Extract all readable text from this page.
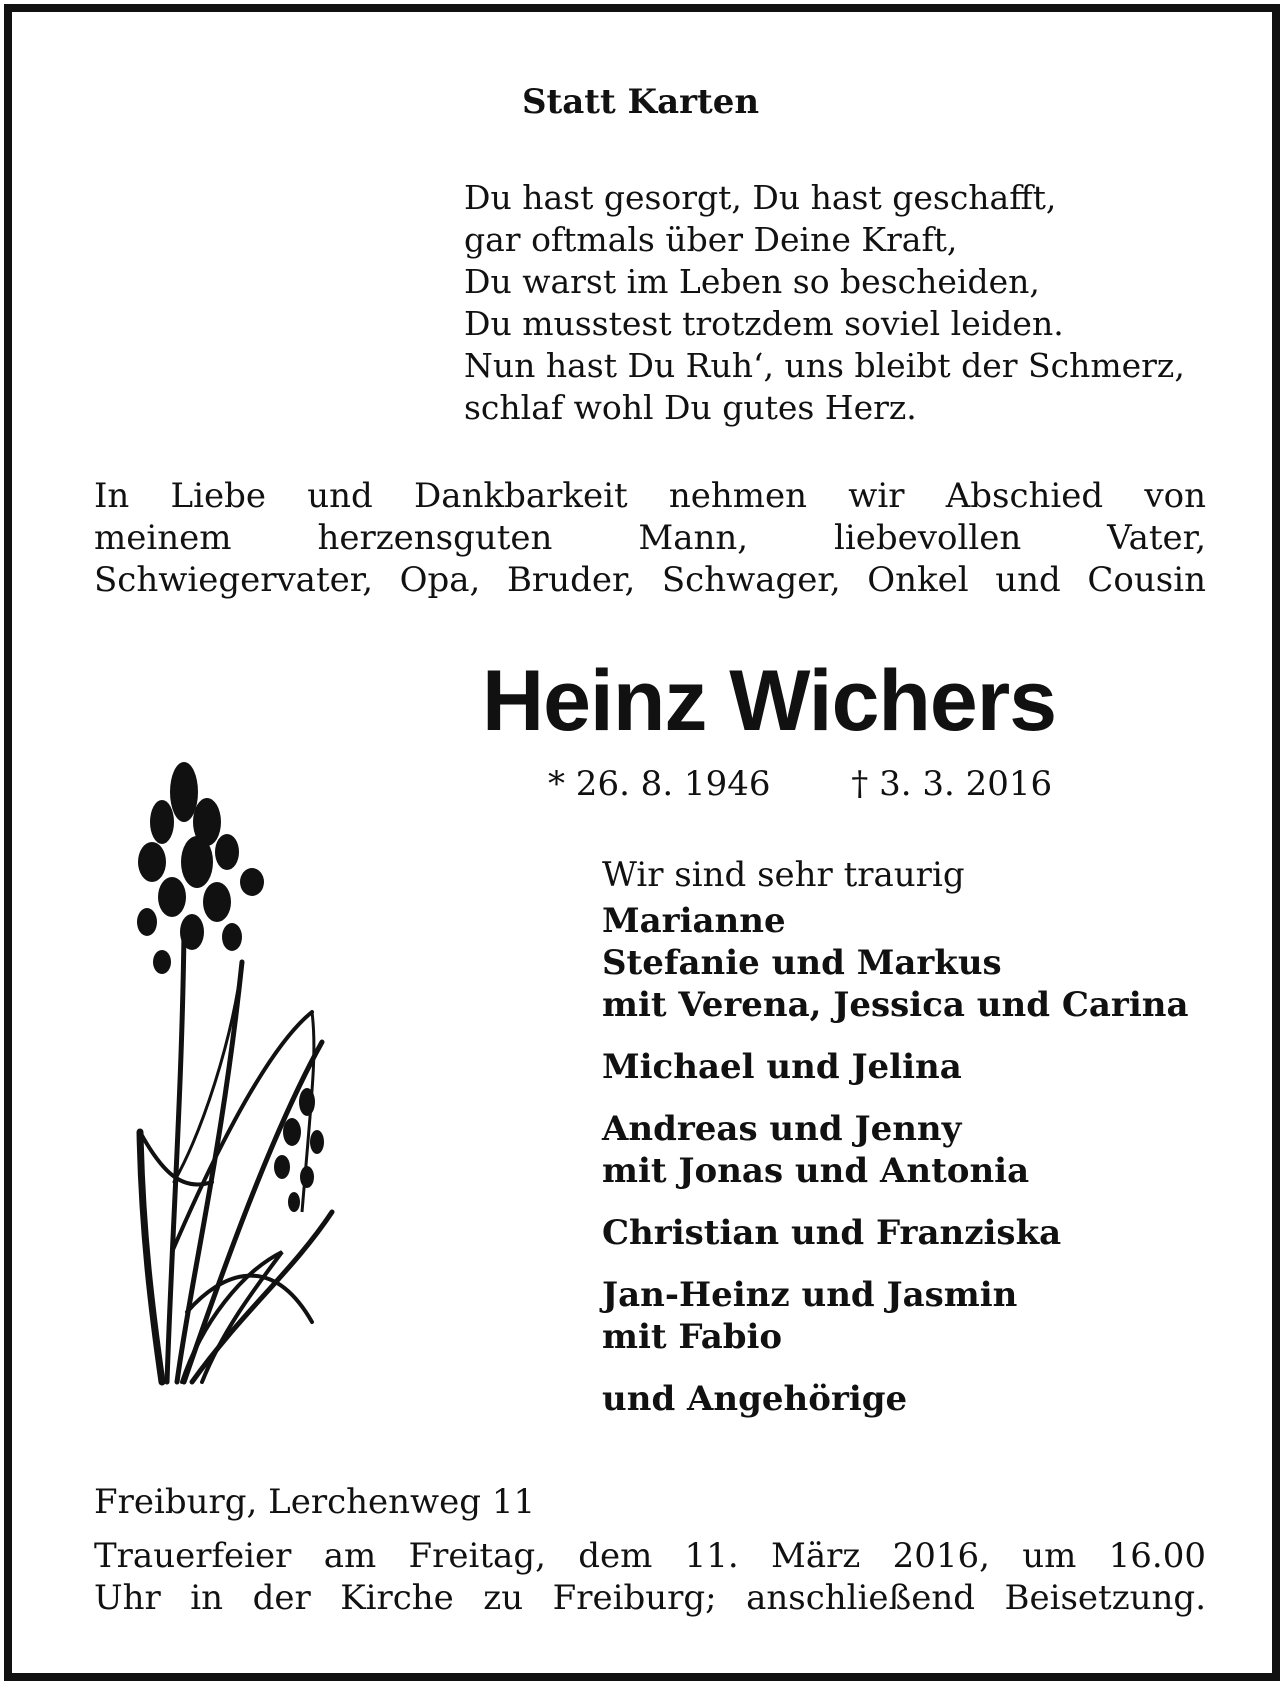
Statt Karten
Du hast gesorgt, Du hast geschafft,
gar oftmals über Deine Kraft,
Du warst im Leben so bescheiden,
Du musstest trotzdem soviel leiden.
Nun hast Du Ruh‘, uns bleibt der Schmerz,
schlaf wohl Du gutes Herz.
In Liebe und Dankbarkeit nehmen wir Abschied von
meinem herzensguten Mann, liebevollen Vater,
Schwiegervater, Opa, Bruder, Schwager, Onkel und Cousin
Heinz Wichers
* 26. 8. 1946 † 3. 3. 2016
Wir sind sehr traurig
Marianne
Stefanie und Markus
mit Verena, Jessica und Carina
Michael und Jelina
Andreas und Jenny
mit Jonas und Antonia
Christian und Franziska
Jan-Heinz und Jasmin
mit Fabio
und Angehörige
Freiburg, Lerchenweg 11
Trauerfeier am Freitag, dem 11. März 2016, um 16.00
Uhr in der Kirche zu Freiburg; anschließend Beisetzung.
